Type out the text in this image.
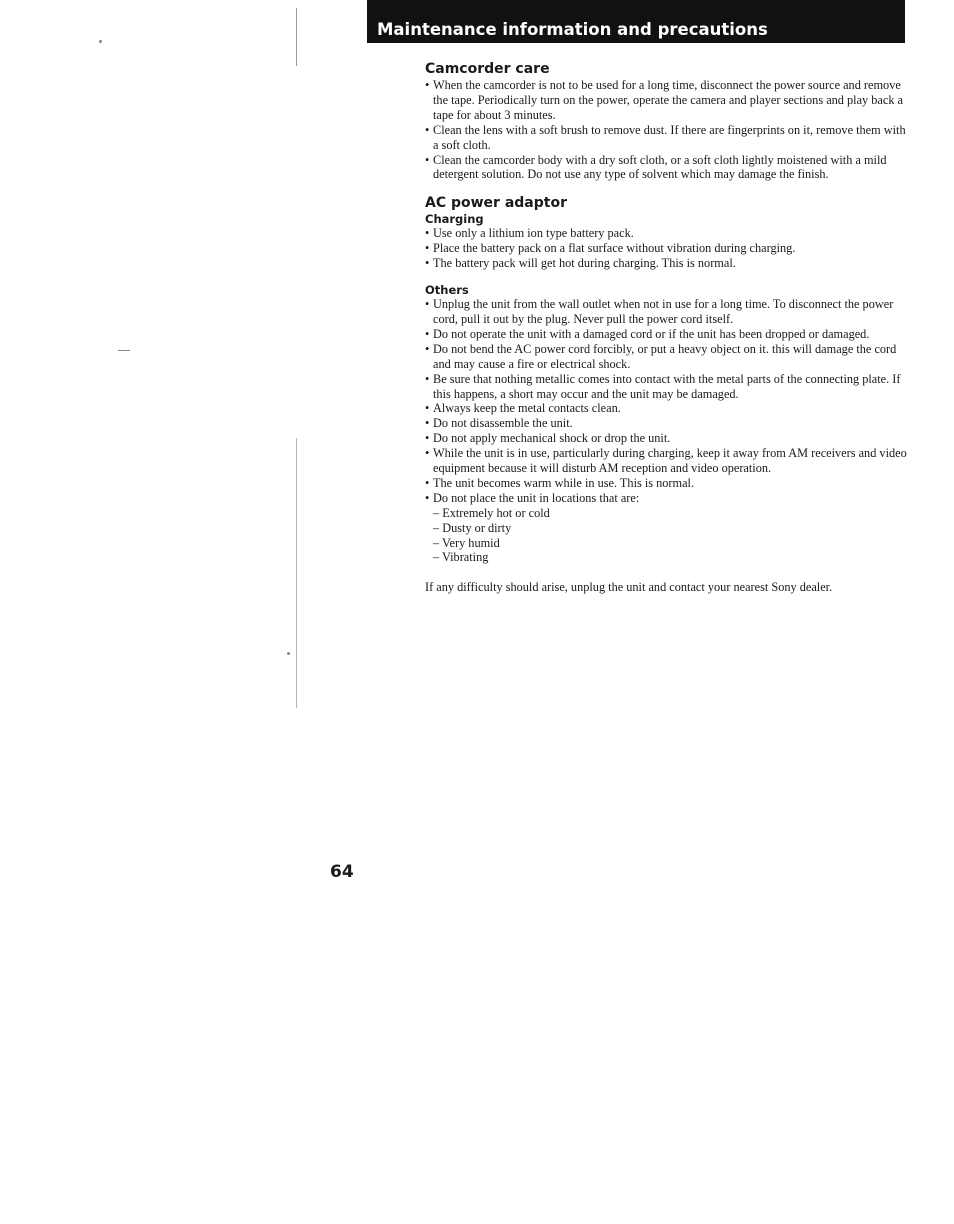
Maintenance information and precautions
Camcorder care
• When the camcorder is not to be used for a long time, disconnect the power source and remove the tape. Periodically turn on the power, operate the camera and player sections and play back a tape for about 3 minutes.
• Clean the lens with a soft brush to remove dust. If there are fingerprints on it, remove them with a soft cloth.
• Clean the camcorder body with a dry soft cloth, or a soft cloth lightly moistened with a mild detergent solution. Do not use any type of solvent which may damage the finish.
AC power adaptor
Charging
• Use only a lithium ion type battery pack.
• Place the battery pack on a flat surface without vibration during charging.
• The battery pack will get hot during charging. This is normal.
Others
• Unplug the unit from the wall outlet when not in use for a long time. To disconnect the power cord, pull it out by the plug. Never pull the power cord itself.
• Do not operate the unit with a damaged cord or if the unit has been dropped or damaged.
• Do not bend the AC power cord forcibly, or put a heavy object on it. this will damage the cord and may cause a fire or electrical shock.
• Be sure that nothing metallic comes into contact with the metal parts of the connecting plate. If this happens, a short may occur and the unit may be damaged.
• Always keep the metal contacts clean.
• Do not disassemble the unit.
• Do not apply mechanical shock or drop the unit.
• While the unit is in use, particularly during charging, keep it away from AM receivers and video equipment because it will disturb AM reception and video operation.
• The unit becomes warm while in use. This is normal.
• Do not place the unit in locations that are:
– Extremely hot or cold
– Dusty or dirty
– Very humid
– Vibrating

If any difficulty should arise, unplug the unit and contact your nearest Sony dealer.

64
